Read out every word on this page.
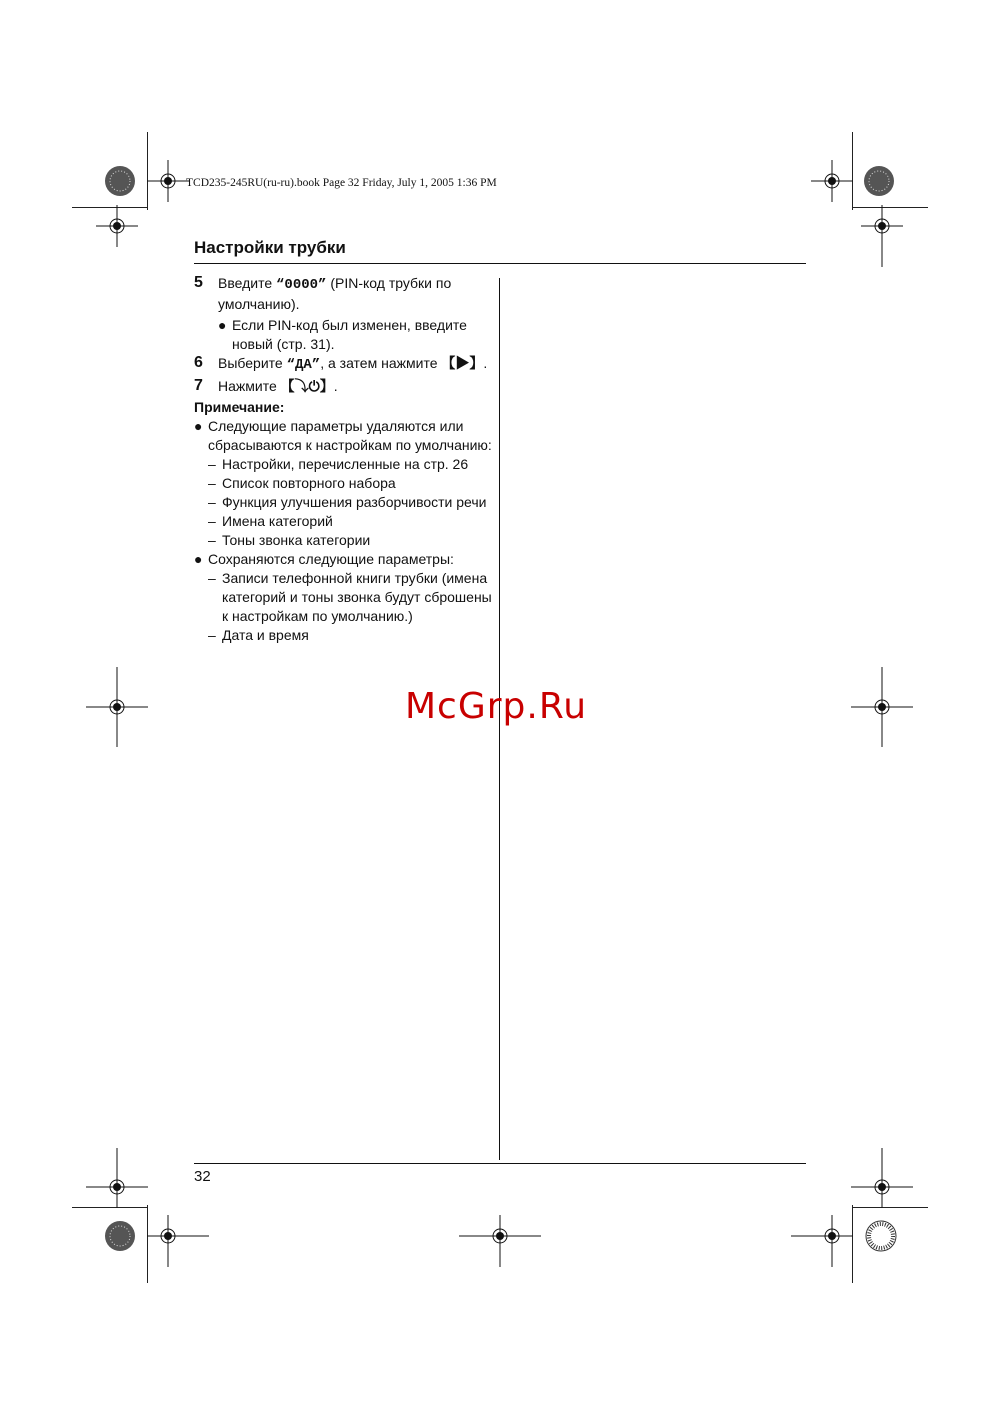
TCD235-245RU(ru-ru).book Page 32 Friday, July 1, 2005 1:36 PM
Настройки трубки
5 Введите “0000” (PIN-код трубки по умолчанию).
● Если PIN-код был изменен, введите новый (стр. 31).
6 Выберите “ДА”, а затем нажмите 【▶】.
7 Нажмите 【⤵⏻】.
Примечание:
● Следующие параметры удаляются или сбрасываются к настройкам по умолчанию:
– Настройки, перечисленные на стр. 26
– Список повторного набора
– Функция улучшения разборчивости речи
– Имена категорий
– Тоны звонка категории
● Сохраняются следующие параметры:
– Записи телефонной книги трубки (имена категорий и тоны звонка будут сброшены к настройкам по умолчанию.)
– Дата и время
McGrp.Ru
32
